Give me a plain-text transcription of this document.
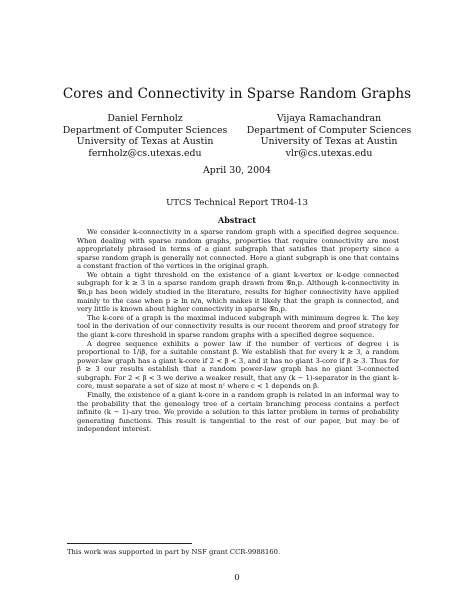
Cores and Connectivity in Sparse Random Graphs
Daniel Fernholz
Department of Computer Sciences
University of Texas at Austin
fernholz@cs.utexas.edu
Vijaya Ramachandran
Department of Computer Sciences
University of Texas at Austin
vlr@cs.utexas.edu
April 30, 2004
UTCS Technical Report TR04-13
Abstract

We consider k-connectivity in a sparse random graph with a specified degree sequence. When dealing with sparse random graphs, properties that require connectivity are most appropriately phrased in terms of a giant subgraph that satisfies that property since a sparse random graph is generally not connected. Here a giant subgraph is one that contains a constant fraction of the vertices in the original graph.

We obtain a tight threshold on the existence of a giant k-vertex or k-edge connected subgraph for k ≥ 3 in a sparse random graph drawn from 𝒢n,p. Although k-connectivity in 𝒢n,p has been widely studied in the literature, results for higher connectivity have applied mainly to the case when p ≥ ln n/n, which makes it likely that the graph is connected, and very little is known about higher connectivity in sparse 𝒢n,p.

The k-core of a graph is the maximal induced subgraph with minimum degree k. The key tool in the derivation of our connectivity results is our recent theorem and proof strategy for the giant k-core threshold in sparse random graphs with a specified degree sequence.

A degree sequence exhibits a power law if the number of vertices of degree i is proportional to 1/iβ, for a suitable constant β. We establish that for every k ≥ 3, a random power-law graph has a giant k-core if 2 < β < 3, and it has no giant 3-core if β ≥ 3. Thus for β ≥ 3 our results establish that a random power-law graph has no giant 3-connected subgraph. For 2 < β < 3 we derive a weaker result, that any (k − 1)-separator in the giant k-core, must separate a set of size at most nᶜ where c < 1 depends on β.

Finally, the existence of a giant k-core in a random graph is related in an informal way to the probability that the genealogy tree of a certain branching process contains a perfect infinite (k − 1)-ary tree. We provide a solution to this latter problem in terms of probability generating functions. This result is tangential to the rest of our paper, but may be of independent interest.

This work was supported in part by NSF grant CCR-9988160.
0
